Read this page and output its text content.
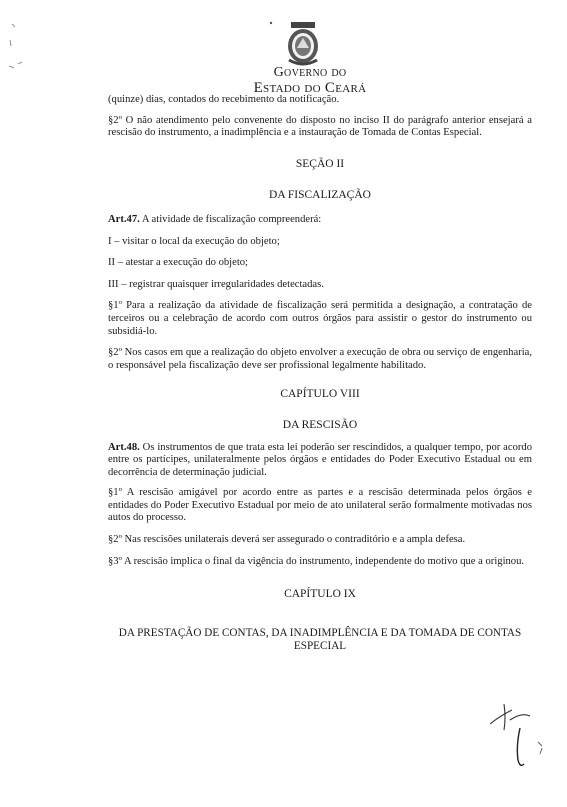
Governo do
Estado do Ceará

(quinze) dias, contados do recebimento da notificação.

§2º O não atendimento pelo convenente do disposto no inciso II do parágrafo anterior ensejará a rescisão do instrumento, a inadimplência e a instauração de Tomada de Contas Especial.

SEÇÃO II

DA FISCALIZAÇÃO

Art.47. A atividade de fiscalização compreenderá:

I – visitar o local da execução do objeto;

II – atestar a execução do objeto;

III – registrar quaisquer irregularidades detectadas.

§1º Para a realização da atividade de fiscalização será permitida a designação, a contratação de terceiros ou a celebração de acordo com outros órgãos para assistir o gestor do instrumento ou subsidiá-lo.

§2º Nos casos em que a realização do objeto envolver a execução de obra ou serviço de engenharia, o responsável pela fiscalização deve ser profissional legalmente habilitado.

CAPÍTULO VIII

DA RESCISÃO

Art.48. Os instrumentos de que trata esta lei poderão ser rescindidos, a qualquer tempo, por acordo entre os partícipes, unilateralmente pelos órgãos e entidades do Poder Executivo Estadual ou em decorrência de determinação judicial.

§1º A rescisão amigável por acordo entre as partes e a rescisão determinada pelos órgãos e entidades do Poder Executivo Estadual por meio de ato unilateral serão formalmente motivadas nos autos do processo.

§2º Nas rescisões unilaterais deverá ser assegurado o contraditório e a ampla defesa.

§3º A rescisão implica o final da vigência do instrumento, independente do motivo que a originou.

CAPÍTULO IX

DA PRESTAÇÃO DE CONTAS, DA INADIMPLÊNCIA E DA TOMADA DE CONTAS ESPECIAL
